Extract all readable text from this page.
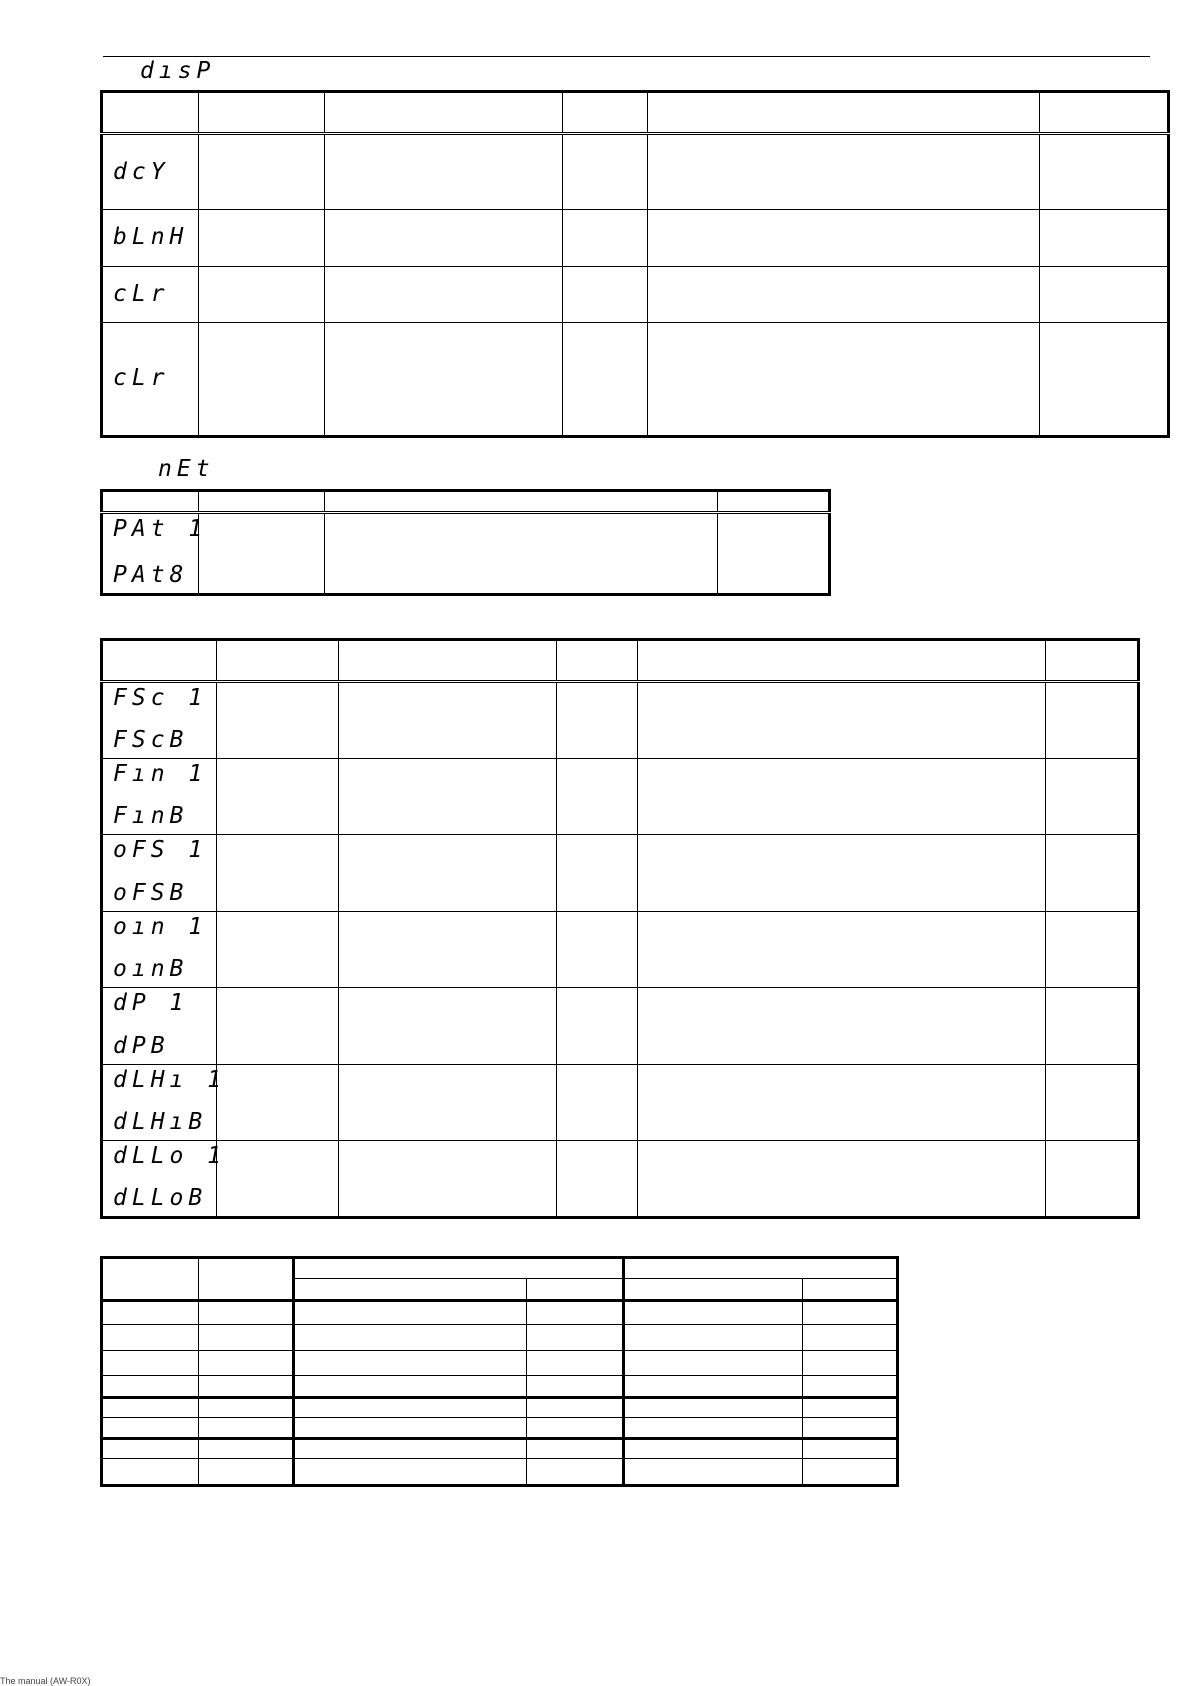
dısP

dcY					
bLnH					
cLr					
cLr					
nEt

PAt 1
PAt8			

FSc 1
FScB					

Fın 1
FınB					

oFS 1
oFSB					

oın 1
oınB					

dP 1
dPB					

dLHı 1
dLHıB					

dLLo 1
dLLoB					

The manual (AW-R0X)
